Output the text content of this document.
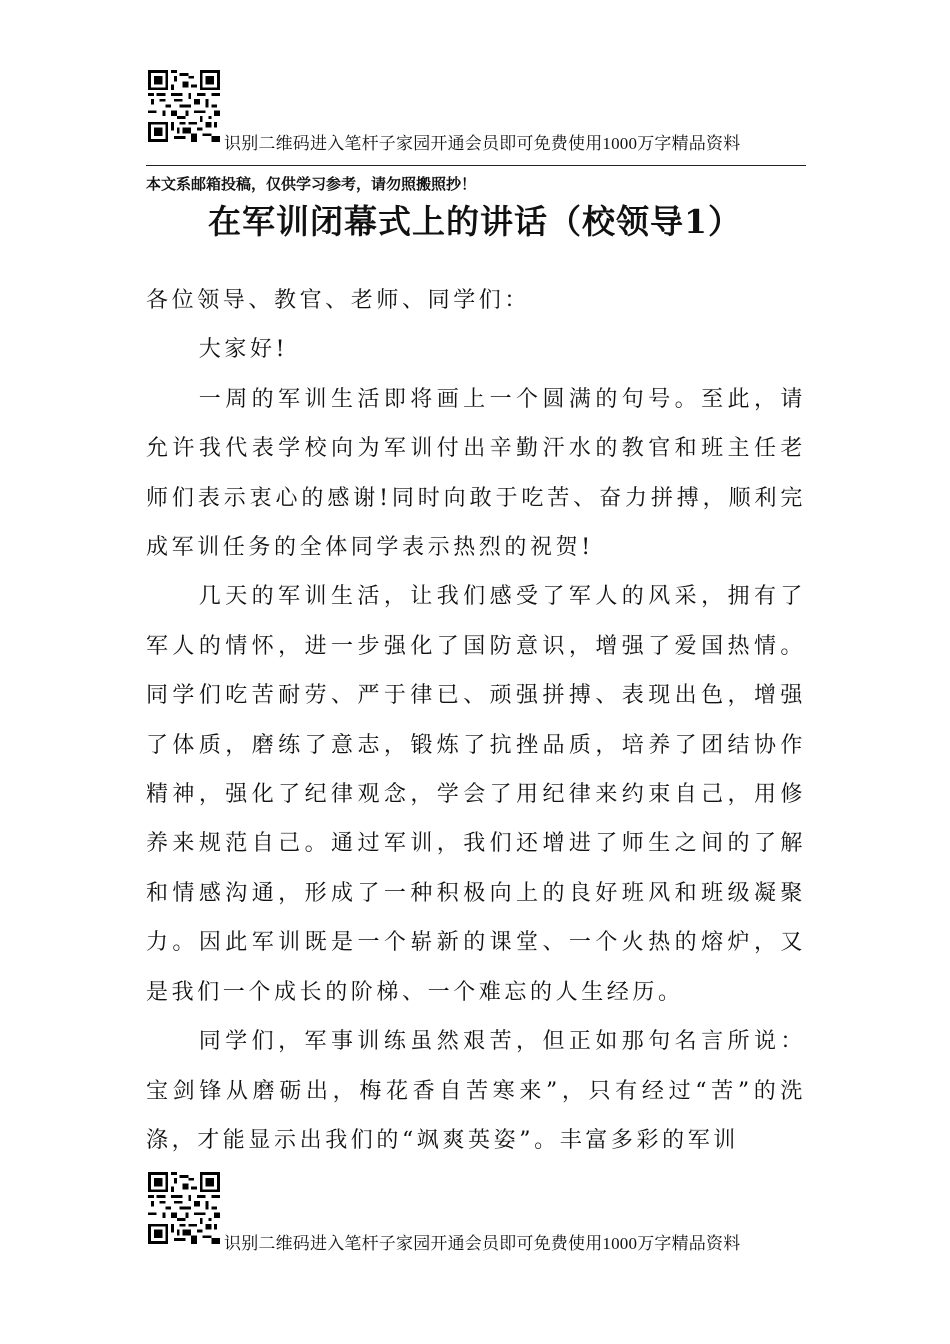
识别二维码进入笔杆子家园开通会员即可免费使用1000万字精品资料
本文系邮箱投稿，仅供学习参考，请勿照搬照抄！
在军训闭幕式上的讲话（校领导1）

各位领导、教官、老师、同学们：

大家好!

一周的军训生活即将画上一个圆满的句号。至此，请允许我代表学校向为军训付出辛勤汗水的教官和班主任老师们表示衷心的感谢!同时向敢于吃苦、奋力拼搏，顺利完成军训任务的全体同学表示热烈的祝贺!

几天的军训生活，让我们感受了军人的风采，拥有了军人的情怀，进一步强化了国防意识，增强了爱国热情。同学们吃苦耐劳、严于律已、顽强拼搏、表现出色，增强了体质，磨练了意志，锻炼了抗挫品质，培养了团结协作精神，强化了纪律观念，学会了用纪律来约束自己，用修养来规范自己。通过军训，我们还增进了师生之间的了解和情感沟通，形成了一种积极向上的良好班风和班级凝聚力。因此军训既是一个崭新的课堂、一个火热的熔炉，又是我们一个成长的阶梯、一个难忘的人生经历。

同学们，军事训练虽然艰苦，但正如那句名言所说：宝剑锋从磨砺出，梅花香自苦寒来”，只有经过“苦”的洗涤，才能显示出我们的“飒爽英姿”。丰富多彩的军训

识别二维码进入笔杆子家园开通会员即可免费使用1000万字精品资料
